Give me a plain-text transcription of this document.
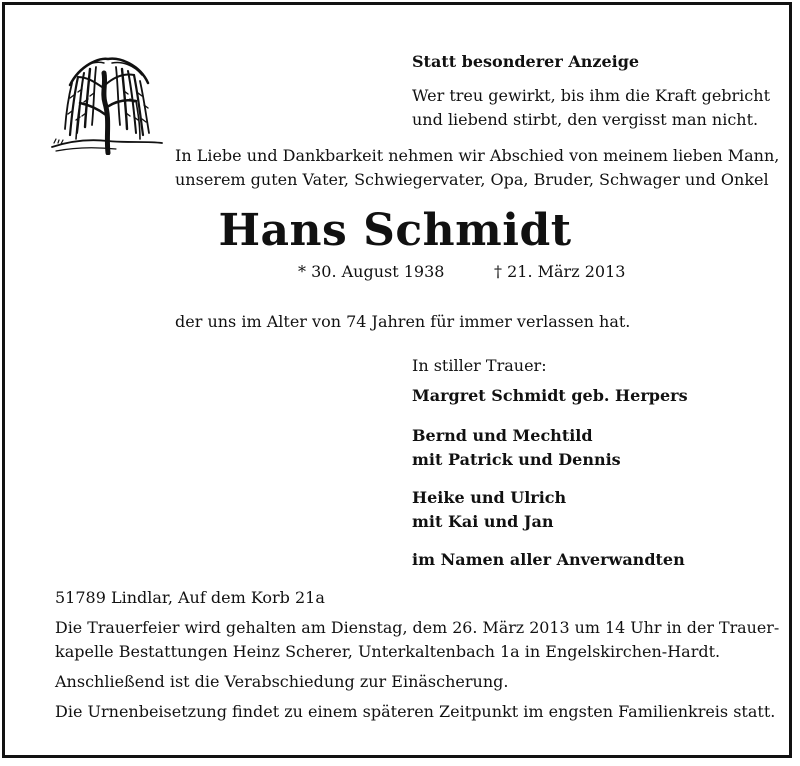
Statt besonderer Anzeige
Wer treu gewirkt, bis ihm die Kraft gebricht
und liebend stirbt, den vergisst man nicht.
In Liebe und Dankbarkeit nehmen wir Abschied von meinem lieben Mann,
unserem guten Vater, Schwiegervater, Opa, Bruder, Schwager und Onkel
Hans Schmidt
* 30. August 1938	† 21. März 2013
der uns im Alter von 74 Jahren für immer verlassen hat.
In stiller Trauer:
Margret Schmidt geb. Herpers
Bernd und Mechtild
mit Patrick und Dennis
Heike und Ulrich
mit Kai und Jan
im Namen aller Anverwandten
51789 Lindlar, Auf dem Korb 21a
Die Trauerfeier wird gehalten am Dienstag, dem 26. März 2013 um 14 Uhr in der Trauer-
kapelle Bestattungen Heinz Scherer, Unterkaltenbach 1a in Engelskirchen-Hardt.
Anschließend ist die Verabschiedung zur Einäscherung.
Die Urnenbeisetzung findet zu einem späteren Zeitpunkt im engsten Familienkreis statt.
